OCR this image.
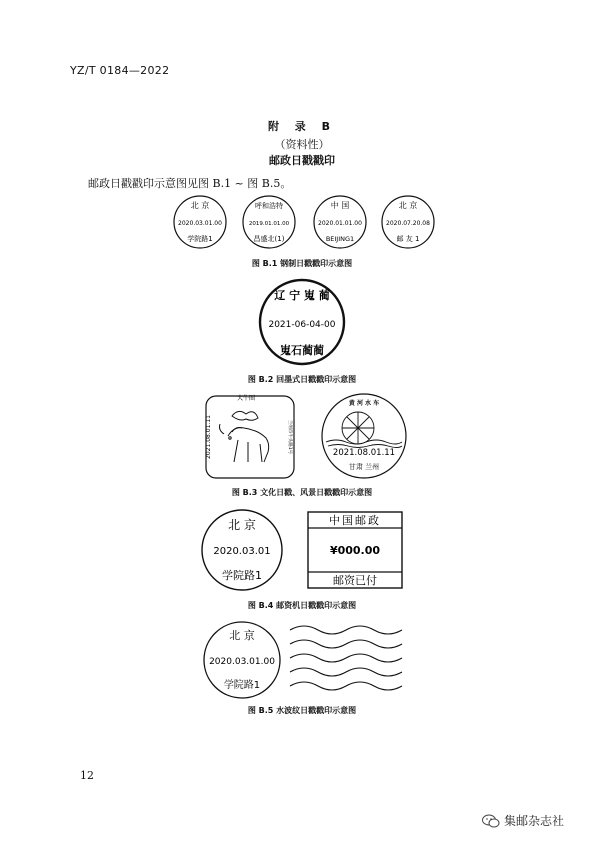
YZ/T 0184—2022
附 录 B
（资料性）
邮政日戳戳印
邮政日戳戳印示意图见图 B.1 ~ 图 B.5。
北 京
2020.03.01.00
学院路1
呼和浩特
2019.01.01.00
昌盛北(1)
中 国
2020.01.01.00
BEIJING1
北 京
2020.07.20.08
邮 友 1
图 B.1 钢制日戳戳印示意图
辽 宁 嵬 蔺
2021-06-04-00
嵬石蔺蔺
图 B.2 回墨式日戳戳印示意图
大牛圈
2021.08.01.11	兰州市牛头路1号
黄 河 水 车
2021.08.01.11
甘肃 兰州
图 B.3 文化日戳、风景日戳戳印示意图
北 京
2020.03.01
学院路1
中国邮政
¥000.00
邮资已付
图 B.4 邮资机日戳戳印示意图
北 京
2020.03.01.00
学院路1
图 B.5 水波纹日戳戳印示意图
12
集邮杂志社
